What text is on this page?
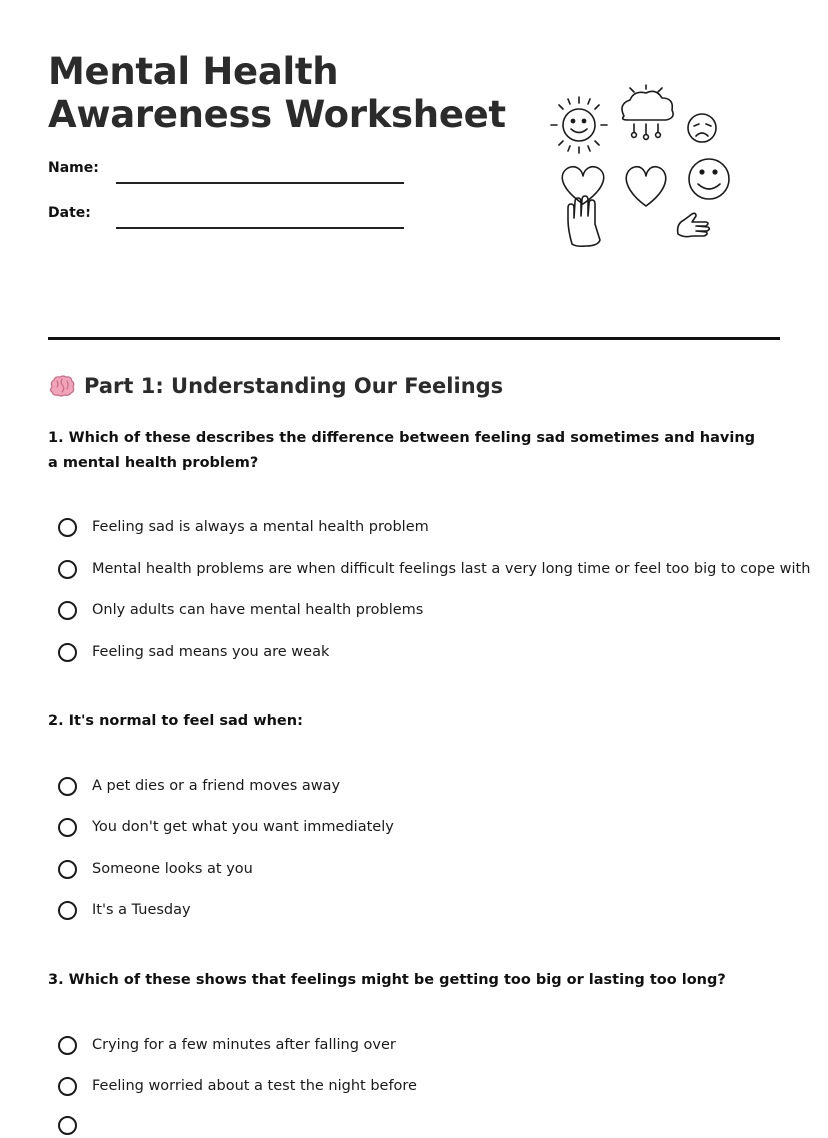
Mental Health
Awareness Worksheet
Name:
Date:
Part 1: Understanding Our Feelings

1. Which of these describes the difference between feeling sad sometimes and having a mental health problem?

Feeling sad is always a mental health problem
Mental health problems are when difficult feelings last a very long time or feel too big to cope with
Only adults can have mental health problems
Feeling sad means you are weak

2. It's normal to feel sad when:

A pet dies or a friend moves away
You don't get what you want immediately
Someone looks at you
It's a Tuesday

3. Which of these shows that feelings might be getting too big or lasting too long?

Crying for a few minutes after falling over
Feeling worried about a test the night before
